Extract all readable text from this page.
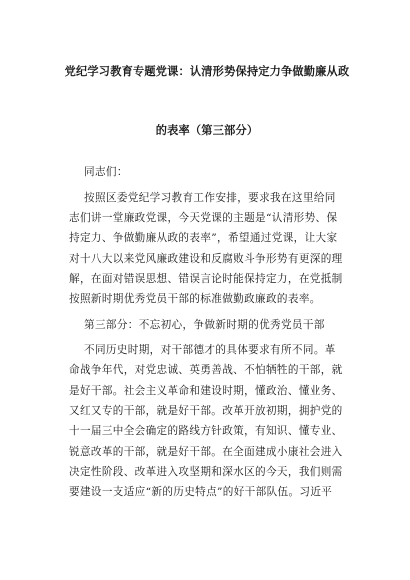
党纪学习教育专题党课：认清形势保持定力争做勤廉从政
的表率（第三部分）
同志们：
按照区委党纪学习教育工作安排，要求我在这里给同
志们讲一堂廉政党课，今天党课的主题是“认清形势、保
持定力、争做勤廉从政的表率”，希望通过党课，让大家
对十八大以来党风廉政建设和反腐败斗争形势有更深的理
解，在面对错误思想、错误言论时能保持定力，在党抵制
按照新时期优秀党员干部的标准做勤政廉政的表率。
第三部分：不忘初心，争做新时期的优秀党员干部
不同历史时期，对干部德才的具体要求有所不同。革
命战争年代，对党忠诚、英勇善战、不怕牺牲的干部，就
是好干部。社会主义革命和建设时期，懂政治、懂业务、
又红又专的干部，就是好干部。改革开放初期，拥护党的
十一届三中全会确定的路线方针政策，有知识、懂专业、
锐意改革的干部，就是好干部。在全面建成小康社会进入
决定性阶段、改革进入攻坚期和深水区的今天，我们则需
要建设一支适应“新的历史特点”的好干部队伍。习近平
